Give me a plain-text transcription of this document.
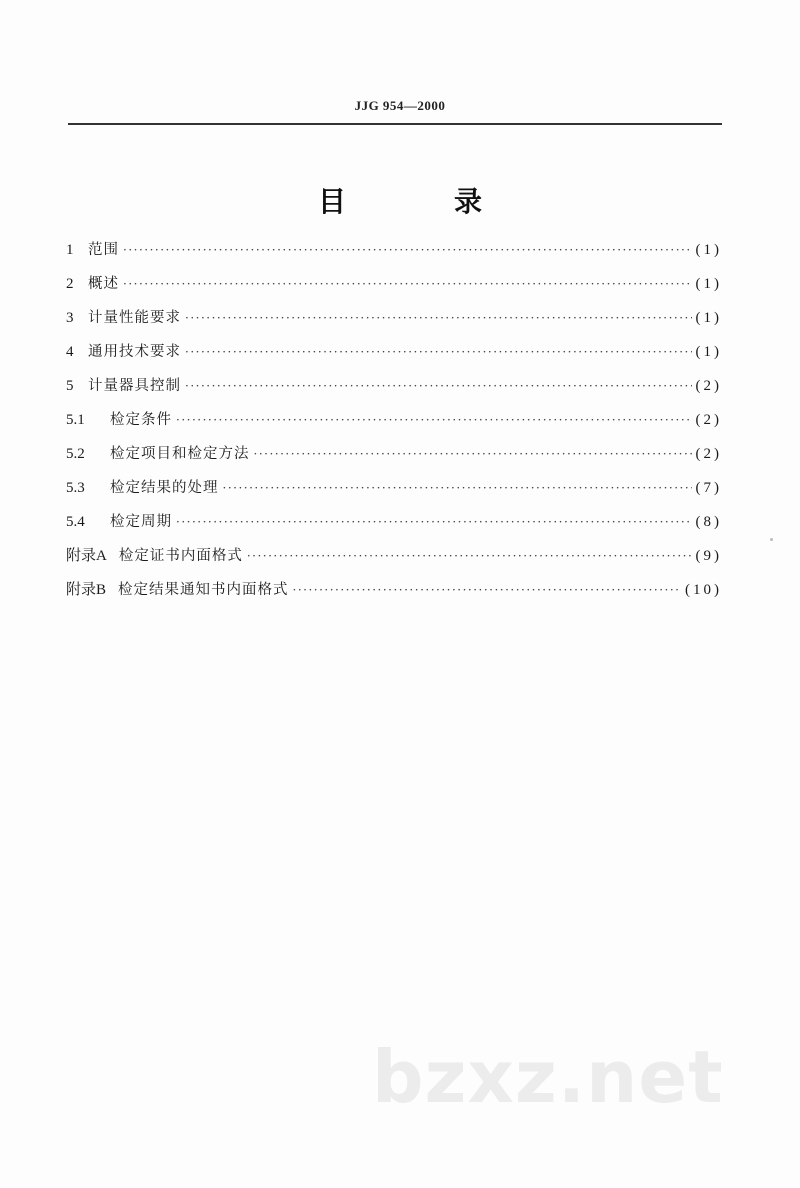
JJG 954—2000
目　录
1	范围 ·····	(1)
2	概述 ·····	(1)
3	计量性能要求 ·····	(1)
4	通用技术要求 ·····	(1)
5	计量器具控制 ·····	(2)
5.1	检定条件 ·····	(2)
5.2	检定项目和检定方法 ·····	(2)
5.3	检定结果的处理 ·····	(7)
5.4	检定周期 ·····	(8)
附录A 检定证书内面格式 ·····	(9)
附录B 检定结果通知书内面格式 ·····	(10)
bzxz.net
